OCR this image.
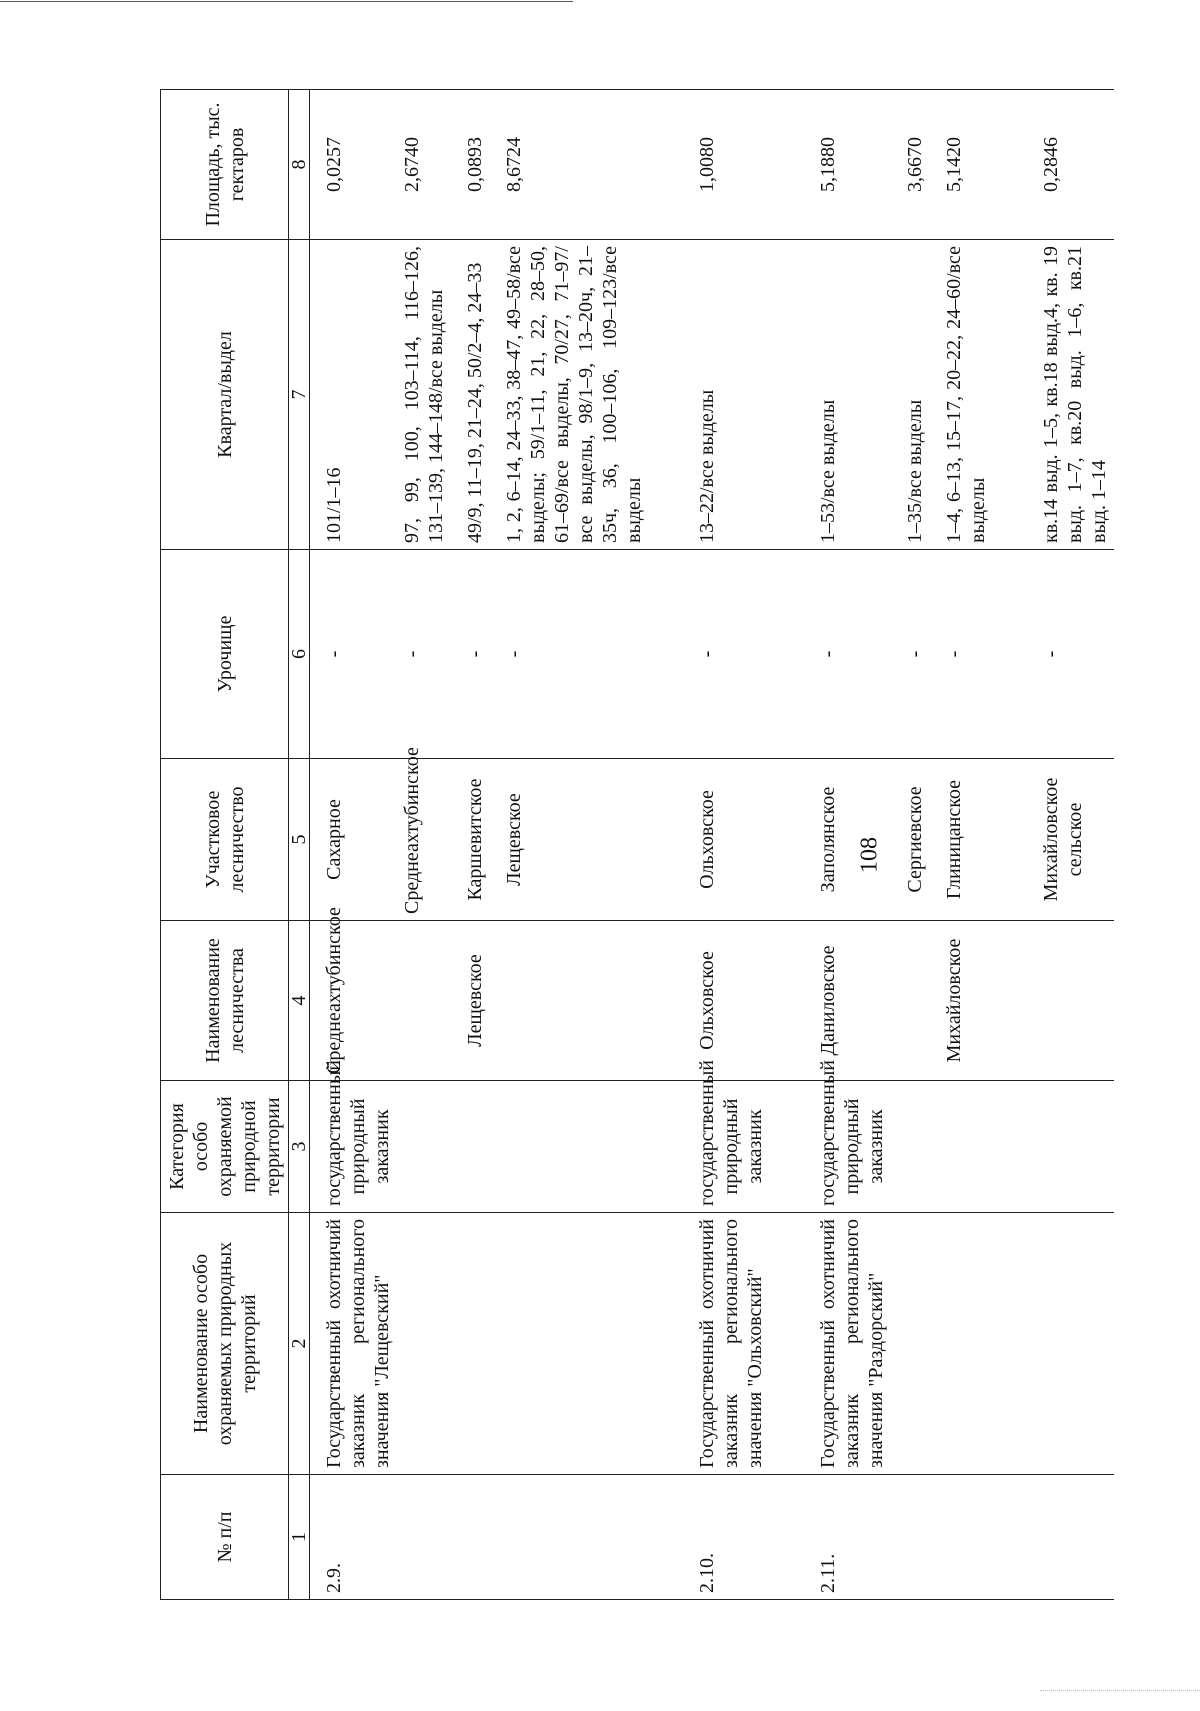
108
№ п/п	Наименование особо охраняемых природных территорий	Категория особо охраняемой природной территории	Наименование лесничества	Участковое лесничество	Урочище	Квартал/выдел	Площадь, тыс. гектаров
1	2	3	4	5	6	7	8
2.9.	Государственный охотничий заказник регионального значения "Лещевский"	государственный природный заказник	Среднеахтубинское	Сахарное	-	101/1–16	0,0257
				Среднеахтубинское	-	97, 99, 100, 103–114, 116–126, 131–139, 144–148/все выделы	2,6740
			Лещевское	Каршевитское	-	49/9, 11–19, 21–24, 50/2–4, 24–33	0,0893
				Лещевское	-	1, 2, 6–14, 24–33, 38–47, 49–58/все выделы; 59/1–11, 21, 22, 28–50, 61–69/все выделы, 70/27, 71–97/все выделы, 98/1–9, 13–20ч, 21–35ч, 36, 100–106, 109–123/все выделы	8,6724
2.10.	Государственный охотничий заказник регионального значения "Ольховский"	государственный природный заказник	Ольховское	Ольховское	-	13–22/все выделы	1,0080
2.11.	Государственный охотничий заказник регионального значения "Раздорский"	государственный природный заказник	Даниловское	Заполянское	-	1–53/все выделы	5,1880
				Сергиевское	-	1–35/все выделы	3,6670
			Михайловское	Глиницанское	-	1–4, 6–13, 15–17, 20–22, 24–60/все выделы	5,1420
				Михайловское сельское	-	кв.14 выд. 1–5, кв.18 выд.4, кв. 19 выд. 1–7, кв.20 выд. 1–6, кв.21 выд. 1–14	0,2846
